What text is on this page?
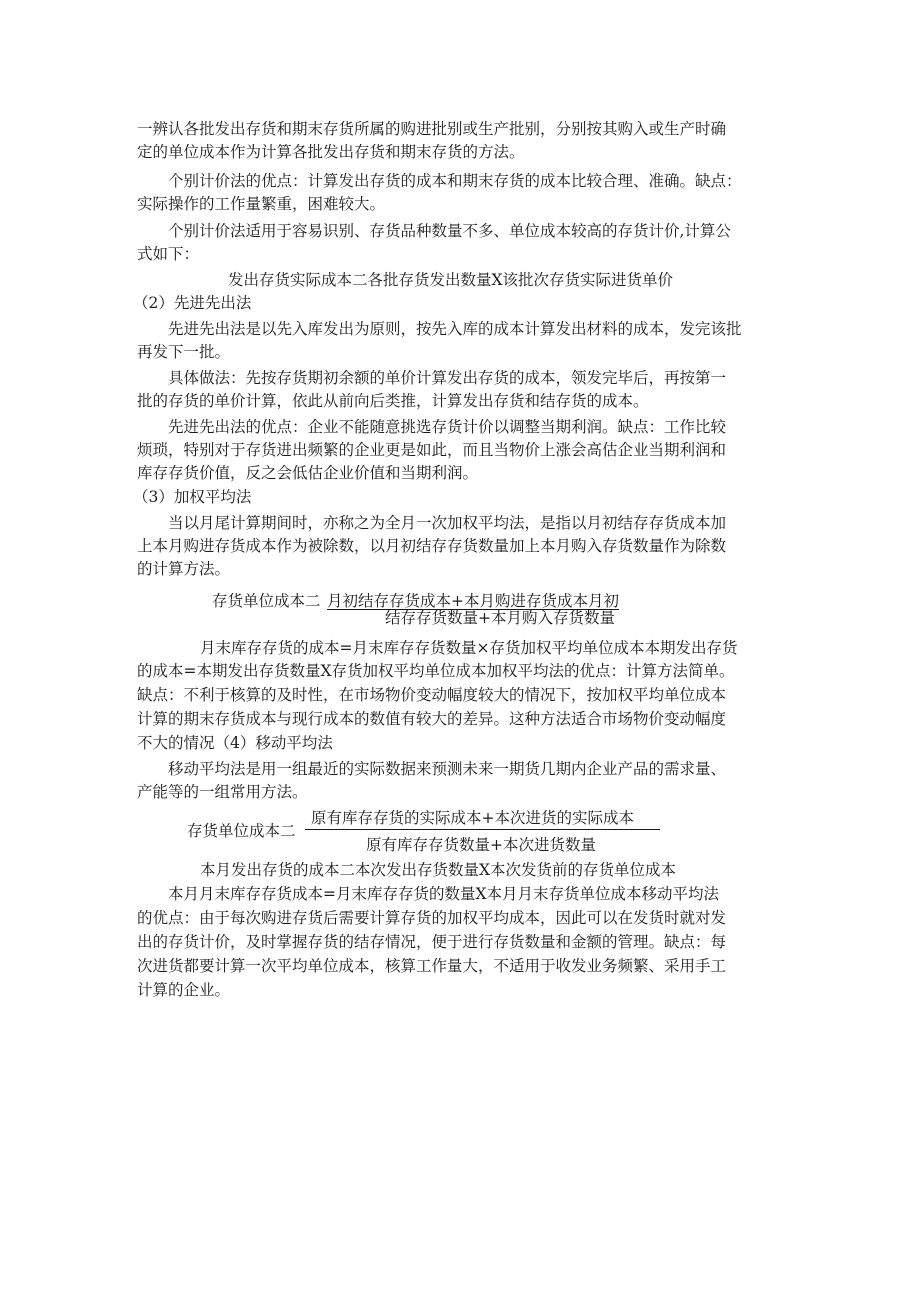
一辨认各批发出存货和期末存货所属的购进批别或生产批别，分别按其购入或生产时确

定的单位成本作为计算各批发出存货和期末存货的方法。

个别计价法的优点：计算发出存货的成本和期末存货的成本比较合理、准确。缺点：

实际操作的工作量繁重，困难较大。

个别计价法适用于容易识别、存货品种数量不多、单位成本较高的存货计价,计算公

式如下：

发出存货实际成本二各批存货发出数量X该批次存货实际进货单价

（2）先进先出法

先进先出法是以先入库发出为原则，按先入库的成本计算发出材料的成本，发完该批

再发下一批。

具体做法：先按存货期初余额的单价计算发出存货的成本，领发完毕后，再按第一

批的存货的单价计算，依此从前向后类推，计算发出存货和结存货的成本。

先进先出法的优点：企业不能随意挑选存货计价以调整当期利润。缺点：工作比较

烦琐，特别对于存货进出频繁的企业更是如此，而且当物价上涨会高估企业当期利润和

库存存货价值，反之会低估企业价值和当期利润。

（3）加权平均法

当以月尾计算期间时，亦称之为全月一次加权平均法，是指以月初结存存货成本加

上本月购进存货成本作为被除数，以月初结存存货数量加上本月购入存货数量作为除数

的计算方法。

存货单位成本二 月初结存存货成本+本月购进存货成本月初

结存存货数量+本月购入存货数量

月末库存存货的成本=月末库存存货数量×存货加权平均单位成本本期发出存货

的成本=本期发出存货数量X存货加权平均单位成本加权平均法的优点：计算方法简单。

缺点：不利于核算的及时性，在市场物价变动幅度较大的情况下，按加权平均单位成本

计算的期末存货成本与现行成本的数值有较大的差异。这种方法适合市场物价变动幅度

不大的情况（4）移动平均法

移动平均法是用一组最近的实际数据来预测未来一期货几期内企业产品的需求量、

产能等的一组常用方法。

存货单位成本二

原有库存存货的实际成本+本次进货的实际成本

原有库存存货数量+本次进货数量

本月发出存货的成本二本次发出存货数量X本次发货前的存货单位成本

本月月末库存存货成本=月末库存存货的数量X本月月末存货单位成本移动平均法

的优点：由于每次购进存货后需要计算存货的加权平均成本，因此可以在发货时就对发

出的存货计价，及时掌握存货的结存情况，便于进行存货数量和金额的管理。缺点：每

次进货都要计算一次平均单位成本，核算工作量大，不适用于收发业务频繁、采用手工

计算的企业。
